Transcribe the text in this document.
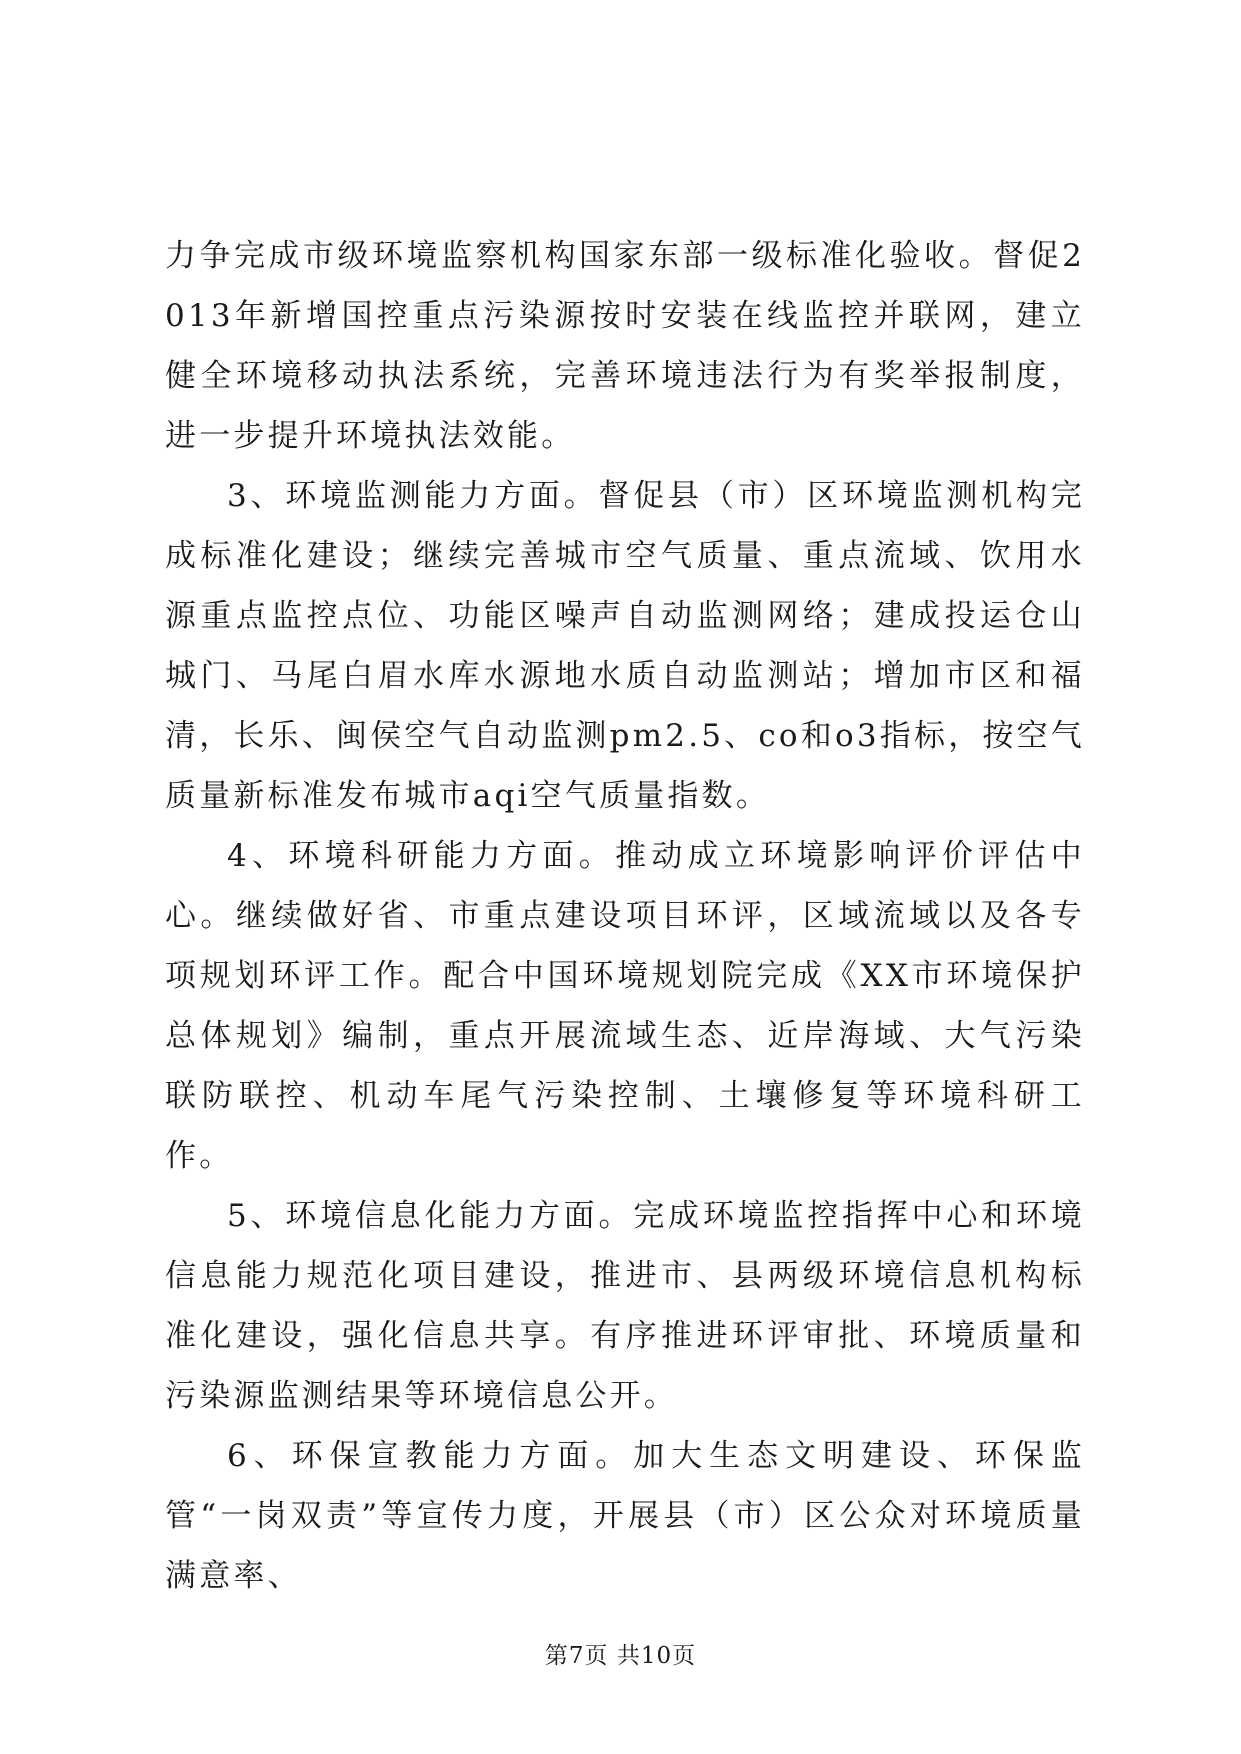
力争完成市级环境监察机构国家东部一级标准化验收。督促2013年新增国控重点污染源按时安装在线监控并联网，建立健全环境移动执法系统，完善环境违法行为有奖举报制度，进一步提升环境执法效能。

3、环境监测能力方面。督促县（市）区环境监测机构完成标准化建设；继续完善城市空气质量、重点流域、饮用水源重点监控点位、功能区噪声自动监测网络；建成投运仓山城门、马尾白眉水库水源地水质自动监测站；增加市区和福清，长乐、闽侯空气自动监测pm2.5、co和o3指标，按空气质量新标准发布城市aqi空气质量指数。

4、环境科研能力方面。推动成立环境影响评价评估中心。继续做好省、市重点建设项目环评，区域流域以及各专项规划环评工作。配合中国环境规划院完成《XX市环境保护总体规划》编制，重点开展流域生态、近岸海域、大气污染联防联控、机动车尾气污染控制、土壤修复等环境科研工作。

5、环境信息化能力方面。完成环境监控指挥中心和环境信息能力规范化项目建设，推进市、县两级环境信息机构标准化建设，强化信息共享。有序推进环评审批、环境质量和污染源监测结果等环境信息公开。

6、环保宣教能力方面。加大生态文明建设、环保监管“一岗双责”等宣传力度，开展县（市）区公众对环境质量满意率、

第7页 共10页
